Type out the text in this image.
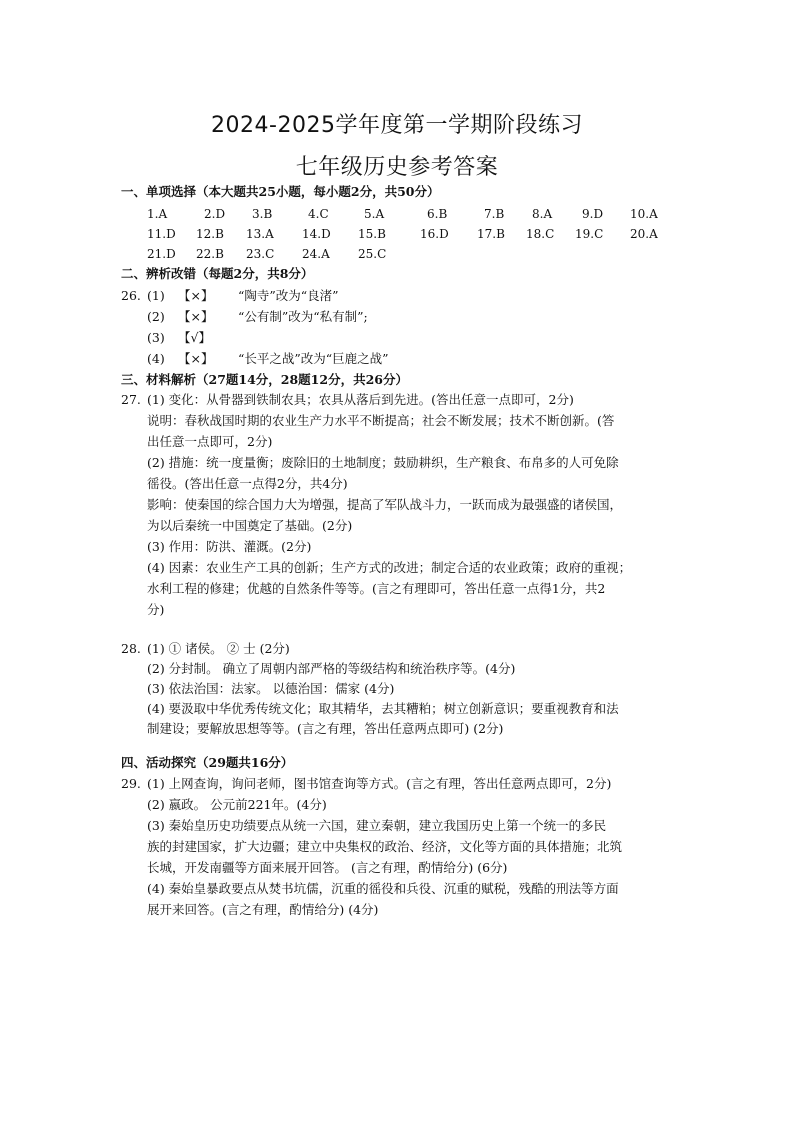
2024-2025学年度第一学期阶段练习
七年级历史参考答案
一、单项选择（本大题共25小题，每小题2分，共50分）
1.A	2.D 3.B	4.C	5.A	6.B	7.B 8.A 9.D 10.A
11.D 12.B 13.A 14.D 15.B	16.D 17.B 18.C 19.C 20.A
21.D 22.B 23.C 24.A 25.C
二、辨析改错（每题2分，共8分）
26. (1) 【×】 “陶寺”改为“良渚”
(2) 【×】 “公有制”改为“私有制”;
(3) 【√】
(4) 【×】 “长平之战”改为“巨鹿之战”
三、材料解析（27题14分，28题12分，共26分）
27. (1) 变化：从骨器到铁制农具；农具从落后到先进。(答出任意一点即可，2分)
说明：春秋战国时期的农业生产力水平不断提高；社会不断发展；技术不断创新。(答
出任意一点即可，2分)
(2) 措施：统一度量衡；废除旧的土地制度；鼓励耕织，生产粮食、布帛多的人可免除
徭役。(答出任意一点得2分，共4分)
影响：使秦国的综合国力大为增强，提高了军队战斗力，一跃而成为最强盛的诸侯国，
为以后秦统一中国奠定了基础。(2分)
(3) 作用：防洪、灌溉。(2分)
(4) 因素：农业生产工具的创新；生产方式的改进；制定合适的农业政策；政府的重视；
水利工程的修建；优越的自然条件等等。(言之有理即可，答出任意一点得1分，共2
分)
28. (1) ① 诸侯。 ② 士 (2分)
(2) 分封制。 确立了周朝内部严格的等级结构和统治秩序等。(4分)
(3) 依法治国：法家。 以德治国：儒家 (4分)
(4) 要汲取中华优秀传统文化；取其精华，去其糟粕；树立创新意识；要重视教育和法
制建设；要解放思想等等。(言之有理，答出任意两点即可) (2分)
四、活动探究（29题共16分）
29. (1) 上网查询，询问老师，图书馆查询等方式。(言之有理，答出任意两点即可，2分)
(2) 嬴政。 公元前221年。(4分)
(3) 秦始皇历史功绩要点从统一六国，建立秦朝，建立我国历史上第一个统一的多民
族的封建国家，扩大边疆；建立中央集权的政治、经济，文化等方面的具体措施；北筑
长城，开发南疆等方面来展开回答。 (言之有理，酌情给分) (6分)
(4) 秦始皇暴政要点从焚书坑儒，沉重的徭役和兵役、沉重的赋税，残酷的刑法等方面
展开来回答。(言之有理，酌情给分) (4分)
